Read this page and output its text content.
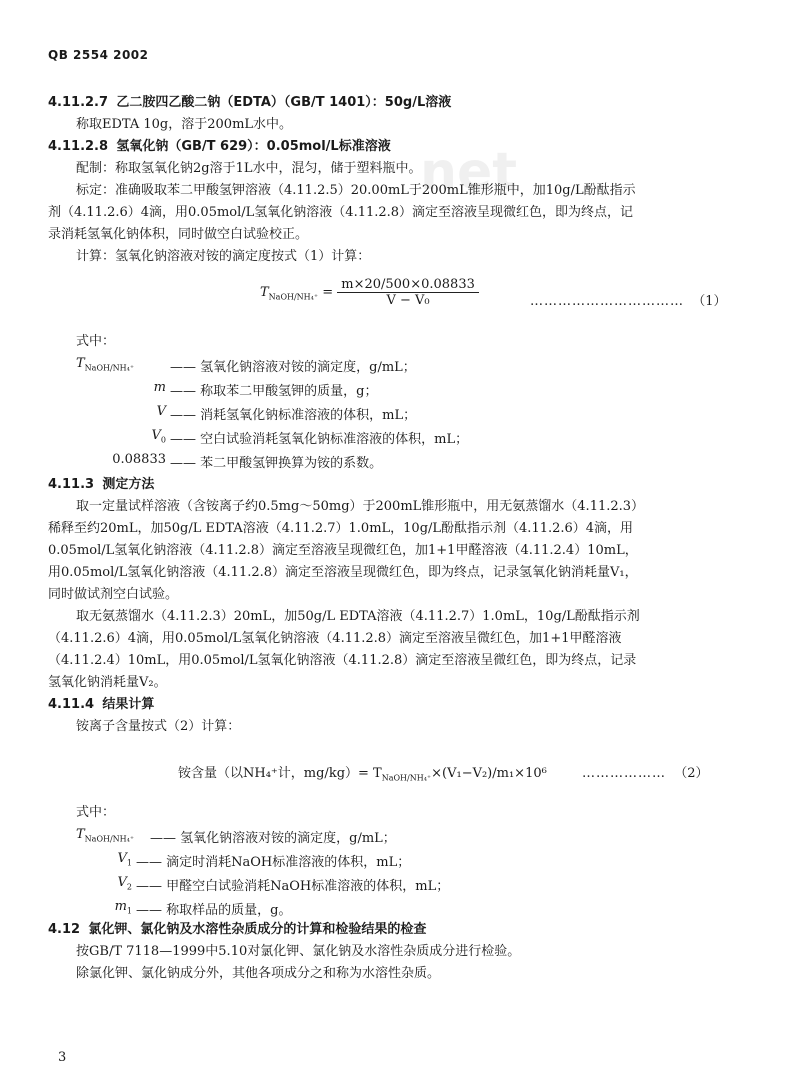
QB 2554 2002
net
4.11.2.7 乙二胺四乙酸二钠（EDTA）（GB/T 1401）：50g/L溶液
称取EDTA 10g，溶于200mL水中。
4.11.2.8 氢氧化钠（GB/T 629）：0.05mol/L标准溶液
配制：称取氢氧化钠2g溶于1L水中，混匀，储于塑料瓶中。
标定：准确吸取苯二甲酸氢钾溶液（4.11.2.5）20.00mL于200mL锥形瓶中，加10g/L酚酞指示
剂（4.11.2.6）4滴，用0.05mol/L氢氧化钠溶液（4.11.2.8）滴定至溶液呈现微红色，即为终点，记
录消耗氢氧化钠体积，同时做空白试验校正。
计算：氢氧化钠溶液对铵的滴定度按式（1）计算：
$T_{NaOH/NH_4^+} = \frac{m\times 20/500\times 0.08833}{\text{V − V₀}}$	…………………………… （1）
式中：
$T_{NaOH/NH_4^+}$	—— 氢氧化钠溶液对铵的滴定度，g/mL；
m —— 称取苯二甲酸氢钾的质量，g；
V —— 消耗氢氧化钠标准溶液的体积，mL；
$V_0$ —— 空白试验消耗氢氧化钠标准溶液的体积，mL；
0.08833 —— 苯二甲酸氢钾换算为铵的系数。
4.11.3 测定方法
取一定量试样溶液（含铵离子约0.5mg～50mg）于200mL锥形瓶中，用无氨蒸馏水（4.11.2.3）
稀释至约20mL，加50g/L EDTA溶液（4.11.2.7）1.0mL，10g/L酚酞指示剂（4.11.2.6）4滴，用
0.05mol/L氢氧化钠溶液（4.11.2.8）滴定至溶液呈现微红色，加1+1甲醛溶液（4.11.2.4）10mL，
用0.05mol/L氢氧化钠溶液（4.11.2.8）滴定至溶液呈现微红色，即为终点，记录氢氧化钠消耗量V₁，
同时做试剂空白试验。
取无氨蒸馏水（4.11.2.3）20mL，加50g/L EDTA溶液（4.11.2.7）1.0mL，10g/L酚酞指示剂
（4.11.2.6）4滴，用0.05mol/L氢氧化钠溶液（4.11.2.8）滴定至溶液呈微红色，加1+1甲醛溶液
（4.11.2.4）10mL，用0.05mol/L氢氧化钠溶液（4.11.2.8）滴定至溶液呈微红色，即为终点，记录
氢氧化钠消耗量V₂。
4.11.4 结果计算
铵离子含量按式（2）计算：
铵含量（以NH₄⁺计，$mg/kg)= T_{NaOH/NH_4^+}\times(V_1-V_2)/m_1\times 10^6$	……………… （2）
式中：
$T_{NaOH/NH_4^+}$	—— 氢氧化钠溶液对铵的滴定度，g/mL；
$V_1$ —— 滴定时消耗NaOH标准溶液的体积，mL；
$V_2$ —— 甲醛空白试验消耗NaOH标准溶液的体积，mL；
$m_1$ —— 称取样品的质量，g。
4.12 氯化钾、氯化钠及水溶性杂质成分的计算和检验结果的检查
按GB/T 7118—1999中5.10对氯化钾、氯化钠及水溶性杂质成分进行检验。
除氯化钾、氯化钠成分外，其他各项成分之和称为水溶性杂质。
3
